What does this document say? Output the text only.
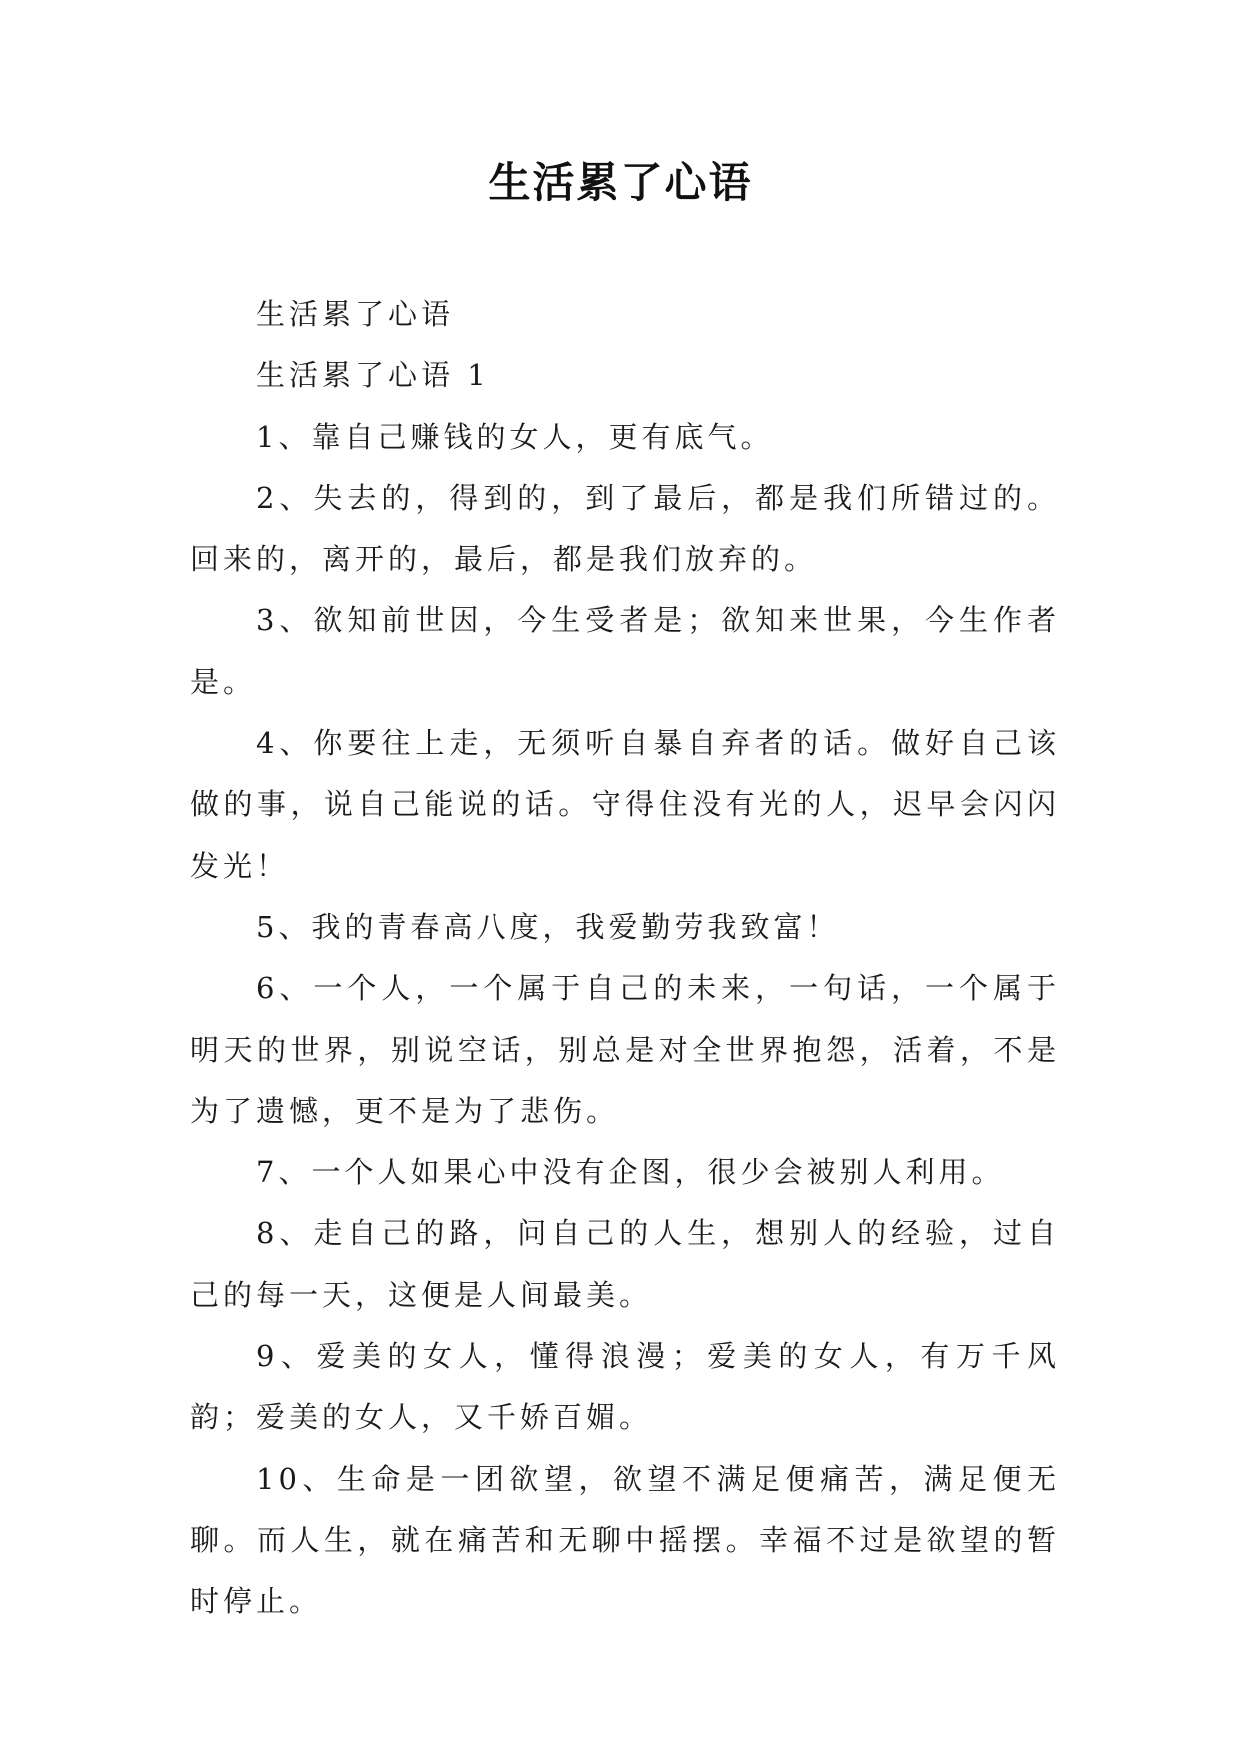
生活累了心语

生活累了心语

生活累了心语 1

1、靠自己赚钱的女人，更有底气。

2、失去的，得到的，到了最后，都是我们所错过的。回来的，离开的，最后，都是我们放弃的。

3、欲知前世因，今生受者是；欲知来世果，今生作者是。

4、你要往上走，无须听自暴自弃者的话。做好自己该做的事，说自己能说的话。守得住没有光的人，迟早会闪闪发光！

5、我的青春高八度，我爱勤劳我致富！

6、一个人，一个属于自己的未来，一句话，一个属于明天的世界，别说空话，别总是对全世界抱怨，活着，不是为了遗憾，更不是为了悲伤。

7、一个人如果心中没有企图，很少会被别人利用。

8、走自己的路，问自己的人生，想别人的经验，过自己的每一天，这便是人间最美。

9、爱美的女人，懂得浪漫；爱美的女人，有万千风韵；爱美的女人，又千娇百媚。

10、生命是一团欲望，欲望不满足便痛苦，满足便无聊。而人生，就在痛苦和无聊中摇摆。幸福不过是欲望的暂时停止。
